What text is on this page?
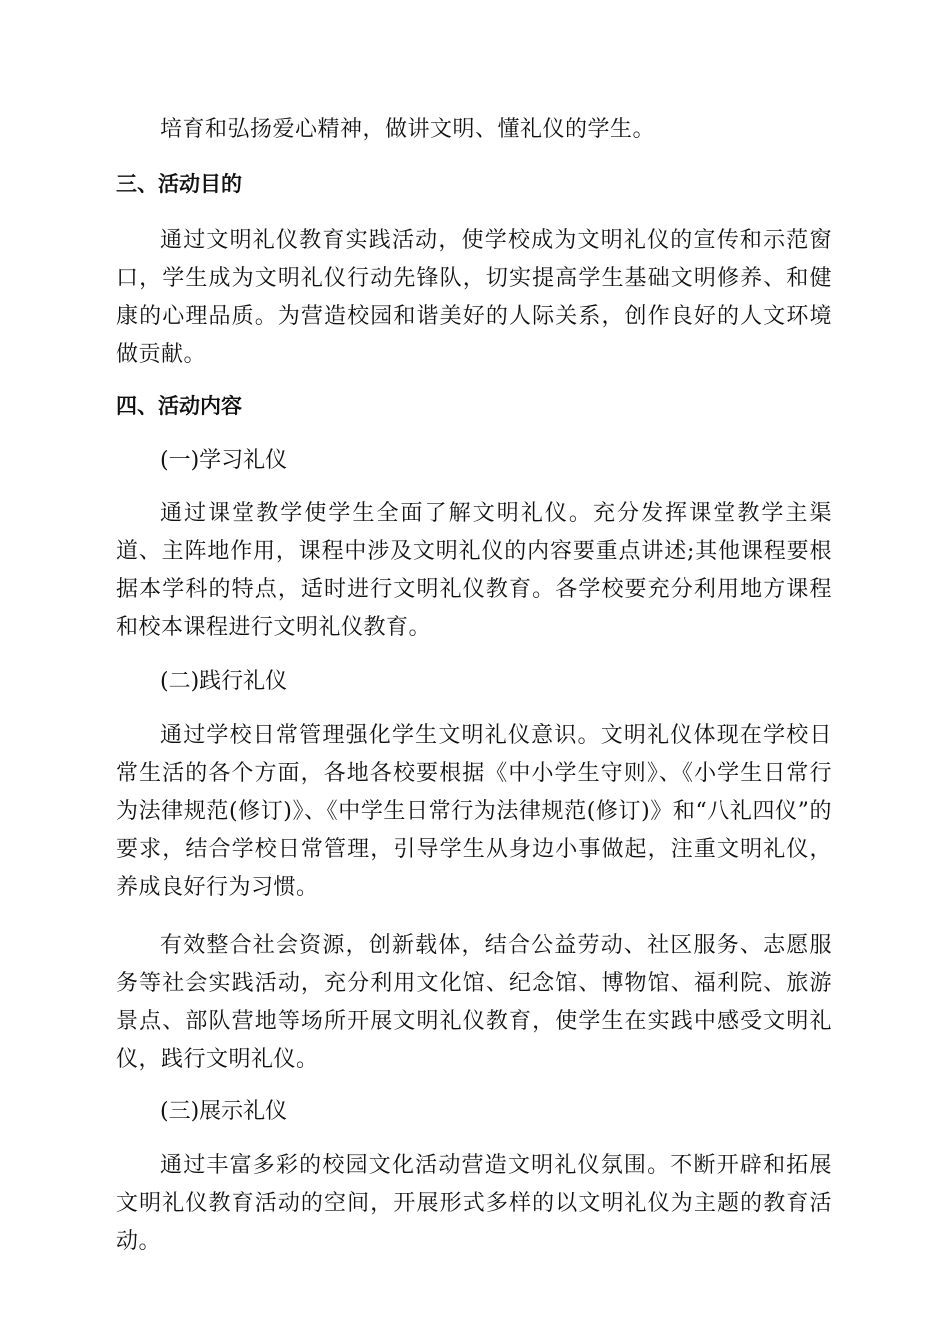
培育和弘扬爱心精神，做讲文明、懂礼仪的学生。

三、活动目的

通过文明礼仪教育实践活动，使学校成为文明礼仪的宣传和示范窗口，学生成为文明礼仪行动先锋队，切实提高学生基础文明修养、和健康的心理品质。为营造校园和谐美好的人际关系，创作良好的人文环境做贡献。

四、活动内容

(一)学习礼仪

通过课堂教学使学生全面了解文明礼仪。充分发挥课堂教学主渠道、主阵地作用，课程中涉及文明礼仪的内容要重点讲述;其他课程要根据本学科的特点，适时进行文明礼仪教育。各学校要充分利用地方课程和校本课程进行文明礼仪教育。

(二)践行礼仪

通过学校日常管理强化学生文明礼仪意识。文明礼仪体现在学校日常生活的各个方面，各地各校要根据《中小学生守则》、《小学生日常行为法律规范(修订)》、《中学生日常行为法律规范(修订)》和“八礼四仪”的要求，结合学校日常管理，引导学生从身边小事做起，注重文明礼仪，养成良好行为习惯。

有效整合社会资源，创新载体，结合公益劳动、社区服务、志愿服务等社会实践活动，充分利用文化馆、纪念馆、博物馆、福利院、旅游景点、部队营地等场所开展文明礼仪教育，使学生在实践中感受文明礼仪，践行文明礼仪。

(三)展示礼仪

通过丰富多彩的校园文化活动营造文明礼仪氛围。不断开辟和拓展文明礼仪教育活动的空间，开展形式多样的以文明礼仪为主题的教育活动。
